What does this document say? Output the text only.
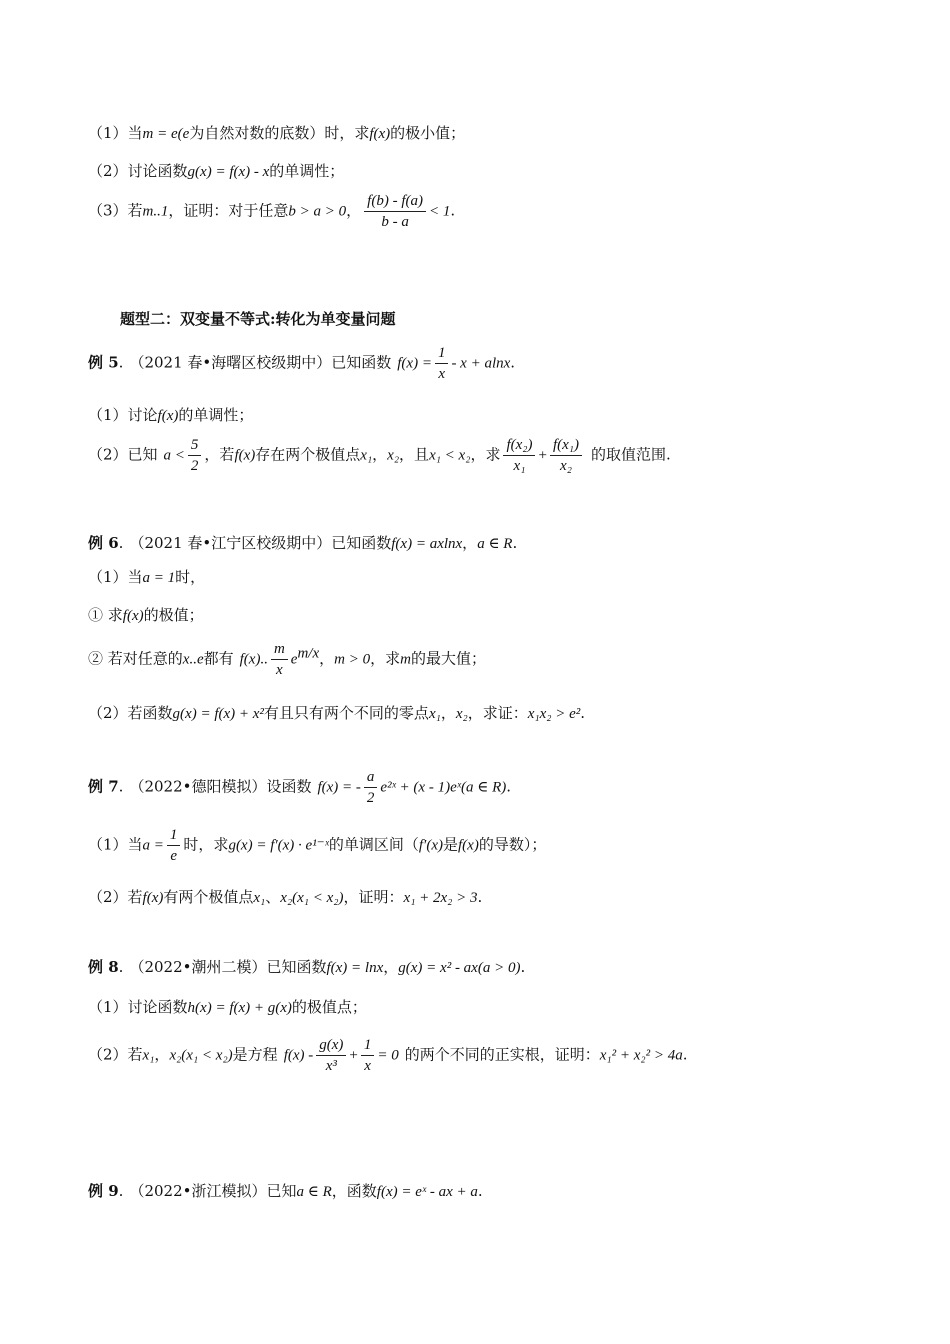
（1）当m = e(e为自然对数的底数）时，求f(x)的极小值；
（2）讨论函数g(x) = f(x) - x的单调性；
（3）若m..1，证明：对于任意b > a > 0， $\frac{f(b) - f(a)}{b - a} < 1$.
题型二：双变量不等式:转化为单变量问题
例 5. （2021 春•海曙区校级期中）已知函数 $f(x) = \frac{1}{x} - x + alnx$.
（1）讨论f(x)的单调性；
（2）已知 $a < \frac{5}{2}$ ，若f(x)存在两个极值点x₁，x₂，且x₁ < x₂，求 $\frac{\text{f(x₂)}}{\text{x₁}} + \frac{\text{f(x₁)}}{\text{x₂}}$ 的取值范围.
例 6. （2021 春•江宁区校级期中）已知函数f(x) = axlnx，a ∈ R.
（1）当a = 1时，
① 求f(x)的极值；
② 若对任意的x..e都有 f(x).. $\frac{m}{x} e^{m/x}$，m > 0，求m的最大值；
（2）若函数g(x) = f(x) + x²有且只有两个不同的零点x₁，x₂，求证：x₁x₂ > e².
例 7. （2022•德阳模拟）设函数 f(x) = - $\frac{a}{2}$ e²ˣ + (x - 1)eˣ(a ∈ R).
（1）当$a = \frac{1}{e}$ 时，求g(x) = f′(x) · e¹⁻ˣ的单调区间（f′(x)是f(x)的导数）；
（2）若f(x)有两个极值点x₁、x₂(x₁ < x₂)，证明：x₁ + 2x₂ > 3.
例 8. （2022•潮州二模）已知函数f(x) = lnx，g(x) = x² - ax(a > 0).
（1）讨论函数h(x) = f(x) + g(x)的极值点；
（2）若x₁，x₂(x₁ < x₂)是方程 $f(x) - \frac{g(x)}{\text{x³}} + \frac{1}{x} = 0$ 的两个不同的正实根，证明：x₁² + x₂² > 4a.
例 9. （2022•浙江模拟）已知a ∈ R，函数f(x) = eˣ - ax + a.
